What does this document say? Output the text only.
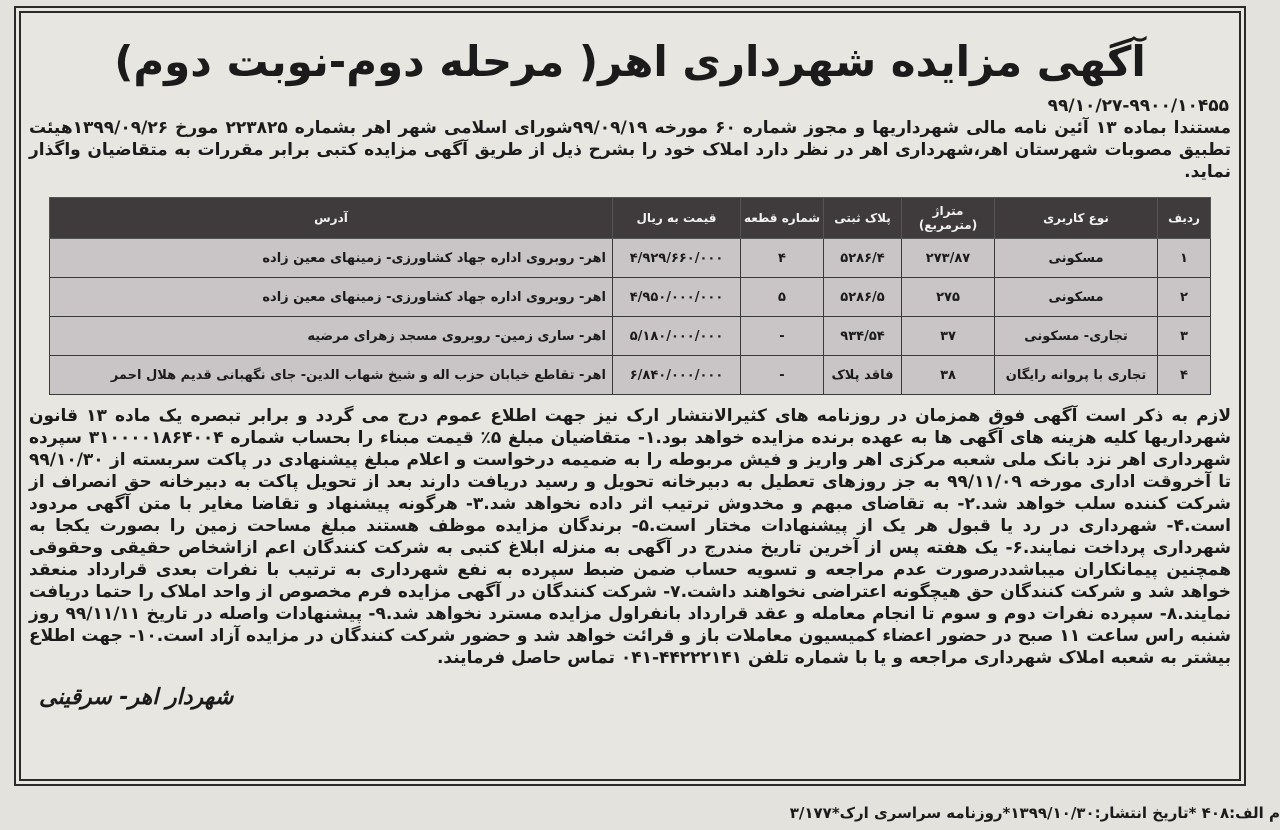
آگهی مزایده شهرداری اهر( مرحله دوم-نوبت دوم)
۹۹/۱۰/۲۷-۹۹۰۰/۱۰۴۵۵
مستندا بماده ۱۳ آئین نامه مالی شهرداریها و مجوز شماره ۶۰ مورخه ۹۹/۰۹/۱۹شورای اسلامی شهر اهر بشماره ۲۲۳۸۲۵ مورخ ۱۳۹۹/۰۹/۲۶هیئت تطبیق مصوبات شهرستان اهر،شهرداری اهر در نظر دارد املاک خود را بشرح ذیل از طریق آگهی مزایده کتبی برابر مقررات به متقاضیان واگذار نماید.
ردیف	نوع کاربری	متراژ (مترمربع)	پلاک ثبتی	شماره قطعه	قیمت به ریال	آدرس
۱	مسکونی	۲۷۳/۸۷	۵۲۸۶/۴	۴	۴/۹۲۹/۶۶۰/۰۰۰	اهر- روبروی اداره جهاد کشاورزی- زمینهای معین زاده
۲	مسکونی	۲۷۵	۵۲۸۶/۵	۵	۴/۹۵۰/۰۰۰/۰۰۰	اهر- روبروی اداره جهاد کشاورزی- زمینهای معین زاده
۳	تجاری- مسکونی	۳۷	۹۳۴/۵۴	-	۵/۱۸۰/۰۰۰/۰۰۰	اهر- ساری زمین- روبروی مسجد زهرای مرضیه
۴	تجاری با پروانه رایگان	۳۸	فاقد پلاک	-	۶/۸۴۰/۰۰۰/۰۰۰	اهر- تقاطع خیابان حزب اله و شیخ شهاب الدین- جای نگهبانی قدیم هلال احمر
لازم به ذکر است آگهی فوق همزمان در روزنامه های کثیرالانتشار ارک نیز جهت اطلاع عموم درج می گردد و برابر تبصره یک ماده ۱۳ قانون شهرداریها کلیه هزینه های آگهی ها به عهده برنده مزایده خواهد بود.۱- متقاضیان مبلغ ۵٪ قیمت مبناء را بحساب شماره ۳۱۰۰۰۰۱۸۶۴۰۰۴ سپرده شهرداری اهر نزد بانک ملی شعبه مرکزی اهر واریز و فیش مربوطه را به ضمیمه درخواست و اعلام مبلغ پیشنهادی در پاکت سربسته از ۹۹/۱۰/۳۰ تا آخروقت اداری مورخه ۹۹/۱۱/۰۹ به جز روزهای تعطیل به دبیرخانه تحویل و رسید دریافت دارند بعد از تحویل پاکت به دبیرخانه حق انصراف از شرکت کننده سلب خواهد شد.۲- به تقاضای مبهم و مخدوش ترتیب اثر داده نخواهد شد.۳- هرگونه پیشنهاد و تقاضا مغایر با متن آگهی مردود است.۴- شهرداری در رد یا قبول هر یک از پیشنهادات مختار است.۵- برندگان مزایده موظف هستند مبلغ مساحت زمین را بصورت یکجا به شهرداری پرداخت نمایند.۶- یک هفته پس از آخرین تاریخ مندرج در آگهی به منزله ابلاغ کتبی به شرکت کنندگان اعم ازاشخاص حقیقی وحقوقی همچنین پیمانکاران میباشددرصورت عدم مراجعه و تسویه حساب ضمن ضبط سپرده به نفع شهرداری به ترتیب با نفرات بعدی قرارداد منعقد خواهد شد و شرکت کنندگان حق هیچگونه اعتراضی نخواهند داشت.۷- شرکت کنندگان در آگهی مزایده فرم مخصوص از واحد املاک را حتما دریافت نمایند.۸- سپرده نفرات دوم و سوم تا انجام معامله و عقد قرارداد بانفراول مزایده مسترد نخواهد شد.۹- پیشنهادات واصله در تاریخ ۹۹/۱۱/۱۱ روز شنبه راس ساعت ۱۱ صبح در حضور اعضاء کمیسیون معاملات باز و قرائت خواهد شد و حضور شرکت کنندگان در مزایده آزاد است.۱۰- جهت اطلاع بیشتر به شعبه املاک شهرداری مراجعه و یا با شماره تلفن ۴۴۲۲۲۱۴۱-۰۴۱ تماس حاصل فرمایند.
شهردار اهر- سرقینی
۳/۱۷۷*م الف:۴۰۸ *تاریخ انتشار:۱۳۹۹/۱۰/۳۰*روزنامه سراسری ارک
